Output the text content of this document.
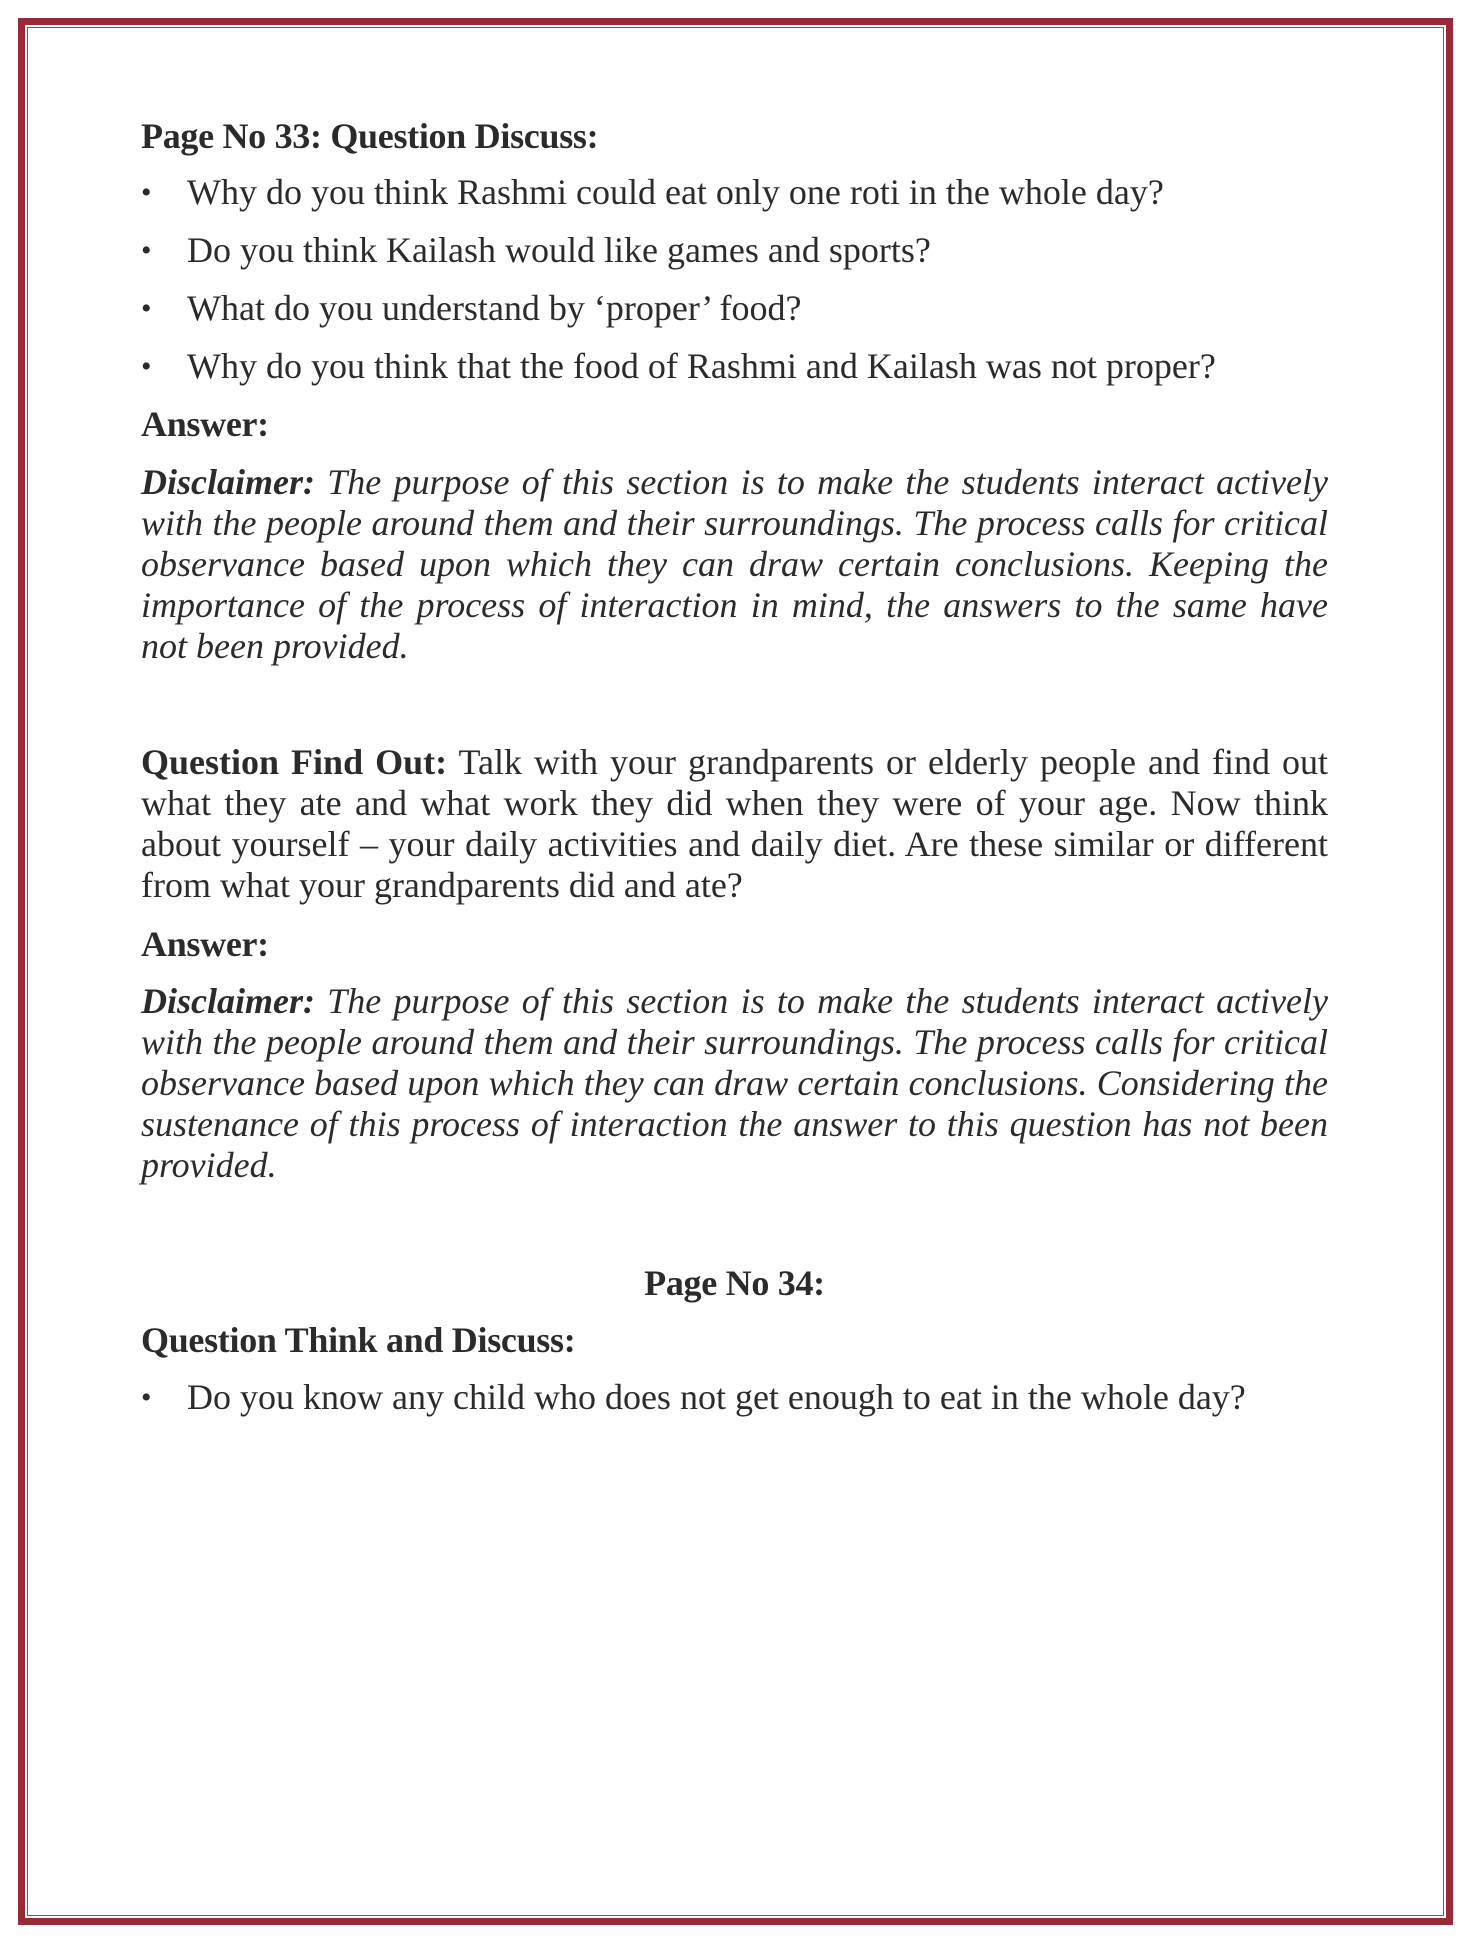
Page No 33: Question Discuss:
• Why do you think Rashmi could eat only one roti in the whole day?
• Do you think Kailash would like games and sports?
• What do you understand by ‘proper’ food?
• Why do you think that the food of Rashmi and Kailash was not proper?
Answer:

Disclaimer: The purpose of this section is to make the students interact actively with the people around them and their surroundings. The process calls for critical observance based upon which they can draw certain conclusions. Keeping the importance of the process of interaction in mind, the answers to the same have not been provided.

Question Find Out: Talk with your grandparents or elderly people and find out what they ate and what work they did when they were of your age. Now think about yourself – your daily activities and daily diet. Are these similar or different from what your grandparents did and ate?

Answer:

Disclaimer: The purpose of this section is to make the students interact actively with the people around them and their surroundings. The process calls for critical observance based upon which they can draw certain conclusions. Considering the sustenance of this process of interaction the answer to this question has not been provided.

Page No 34:
Question Think and Discuss:
• Do you know any child who does not get enough to eat in the whole day?
